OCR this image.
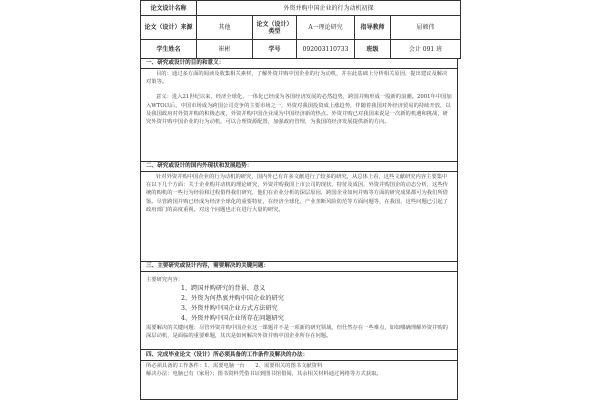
论文设计名称	外资并购中国企业的行为动机初探				
论文（设计）来源	其他	论文（设计）类型	A一理论研究	指导教师	屈顿伟
学生姓名	崔彬	学号	092003110733	班级	会计 091 班
一、研究或设计的目的和意义：

目的：通过多方面的阅读及收集相关素材，了解外资并购中国企业的行为动机，并在此基础上分析相关原因，提出建议及解决对策等。

意义：进入21世纪以来，经济全球化、一体化已经成为各国经济发展的必然趋势，跨国并购形成一股新的浪潮。2001年中国加入WTO以后，中国市场成为跨国公司竞争的主要市场之一，外资对我国投资成上涨趋势，伴随着我国对外经济贸易的持续开放，以及我国政府对外资并购的积极态度，外资并购中国企业成为中国经济新的热点。外资并购已对我国来说是一次新的机遇和挑战，研究外资并购中国企业的行为动机，可以合理资源配置，加强政府管理，为我国的经济发展提供新的方向。

二、研究或设计的国内外现状和发展趋势：

针对外资并购中国企业的行为动机的研究，国内外已有许多文献进行了较多的研究，从总体上看，这些文献研究内容主要集中在以下几个方面：关于企业购并动机的理论研究，外资并购我国上市公司的现状、特征及成因，外资并购国企的动态分析，这些传统的购机的一些行为经验和过程借得我们研究，他们在企业分析的深层原因，跨国企业如何并购等方面的研究成果都可为我们所借鉴。尽管跨国并购已经成为经济全球化的重要特征，在经济全球化、产业垄断风险防范等方面问题等，在我国，这些问题已引起了政府部门的高度重视，对这个问题也正在进行大量的研究。

三、主要研究或设计内容，需要解决的关键问题：

主要研究内容：

1、跨国并购研究的背景、意义

2、外资为何热衷并购中国企业的研究

3、外资并购中国企业方式方法研究

4、外资并购中国企业所存在问题研究

需要解决的关键问题：尽管外资并购中国企业这一课题并不是一项新的研究领域，但仕然存在一些难点，如如哪确理解外资并购的深层动机，是面临的重要难题，其次是如何解决外资并购中国企业所存在问题。

四、完成毕业论文（设计）所必须具备的工作条件及解决的办法：

所必须具备的工作条件：1、需要电脑一台　　2、需要相关的图书文献资料

解决办法：电脑已有（家用）；图书资料凭借书证到图书馆借阅，其余相关材料通过网络等方式获取。
